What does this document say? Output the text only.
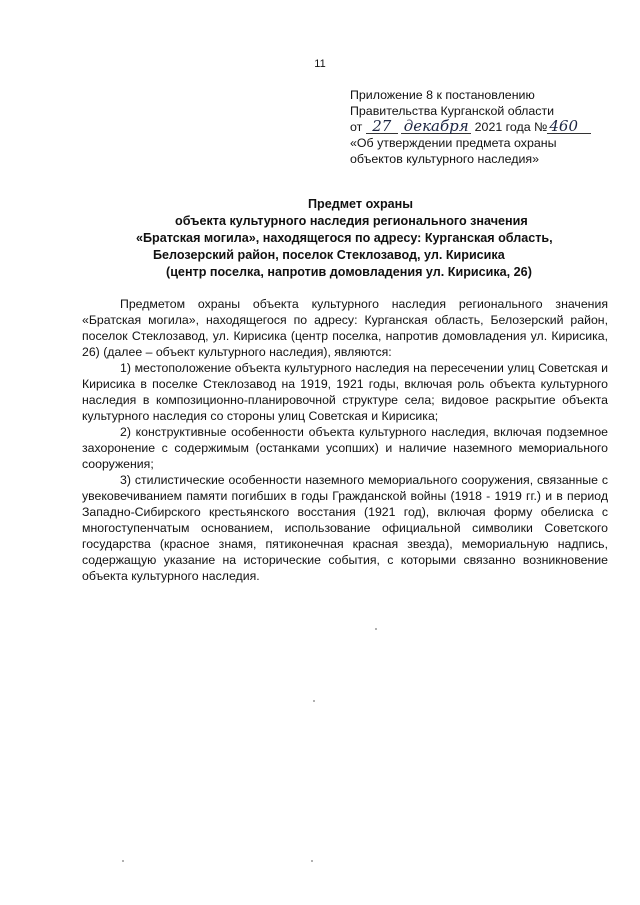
11
Приложение 8 к постановлению
Правительства Курганской области
от 27 декабря 2021 года № 460
«Об утверждении предмета охраны
объектов культурного наследия»
Предмет охраны
объекта культурного наследия регионального значения
«Братская могила», находящегося по адресу: Курганская область,
Белозерский район, поселок Стеклозавод, ул. Кирисика
(центр поселка, напротив домовладения ул. Кирисика, 26)

Предметом охраны объекта культурного наследия регионального значения «Братская могила», находящегося по адресу: Курганская область, Белозерский район, поселок Стеклозавод, ул. Кирисика (центр поселка, напротив домовладения ул. Кирисика, 26) (далее – объект культурного наследия), являются:

1) местоположение объекта культурного наследия на пересечении улиц Советская и Кирисика в поселке Стеклозавод на 1919, 1921 годы, включая роль объекта культурного наследия в композиционно-планировочной структуре села; видовое раскрытие объекта культурного наследия со стороны улиц Советская и Кирисика;

2) конструктивные особенности объекта культурного наследия, включая подземное захоронение с содержимым (останками усопших) и наличие наземного мемориального сооружения;

3) стилистические особенности наземного мемориального сооружения, связанные с увековечиванием памяти погибших в годы Гражданской войны (1918 - 1919 гг.) и в период Западно-Сибирского крестьянского восстания (1921 год), включая форму обелиска с многоступенчатым основанием, использование официальной символики Советского государства (красное знамя, пятиконечная красная звезда), мемориальную надпись, содержащую указание на исторические события, с которыми связанно возникновение объекта культурного наследия.
